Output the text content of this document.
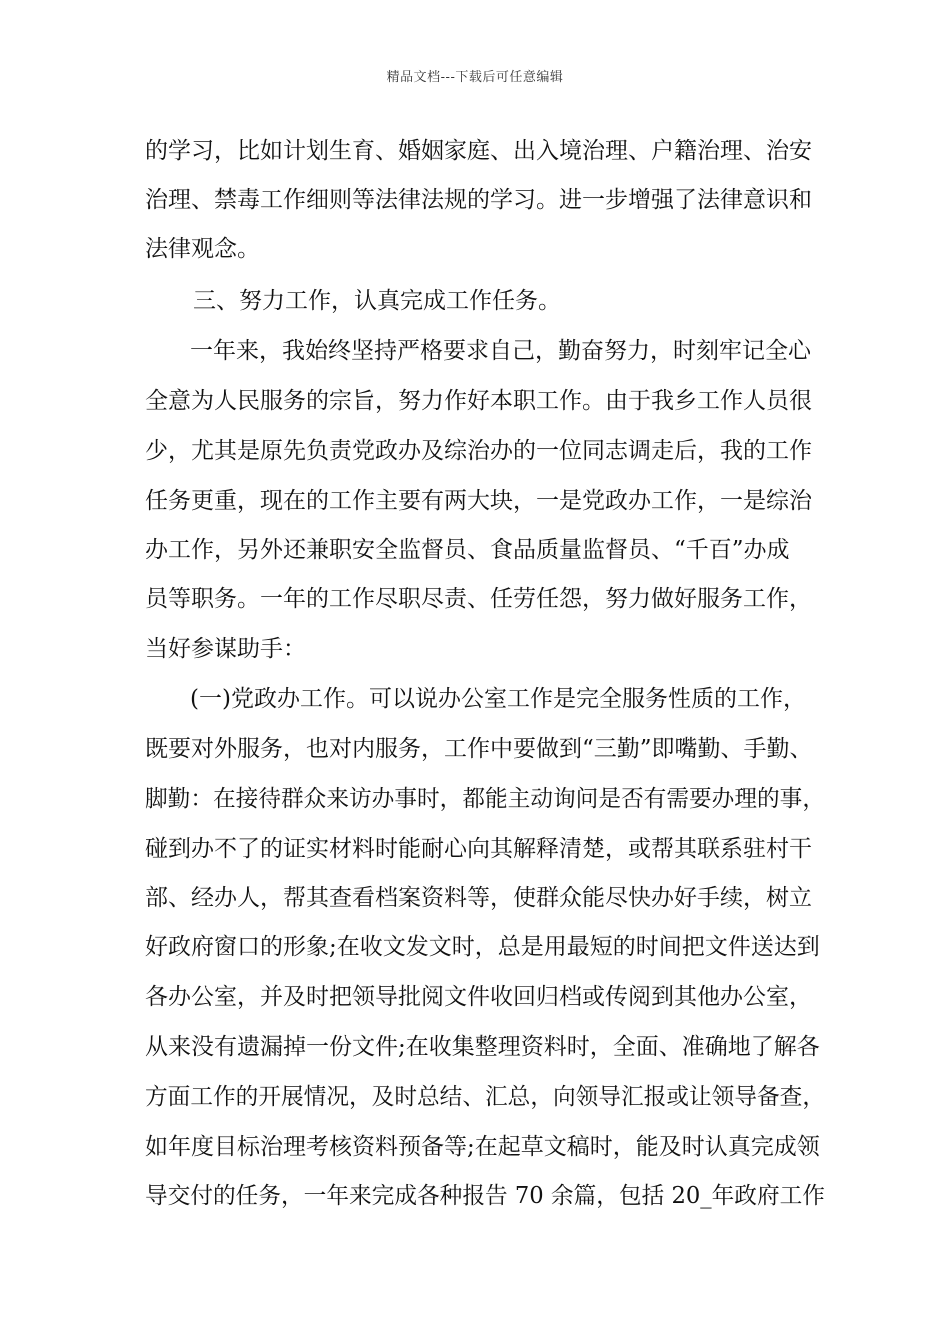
精品文档---下载后可任意编辑
的学习，比如计划生育、婚姻家庭、出入境治理、户籍治理、治安
治理、禁毒工作细则等法律法规的学习。进一步增强了法律意识和
法律观念。
三、努力工作，认真完成工作任务。
一年来，我始终坚持严格要求自己，勤奋努力，时刻牢记全心
全意为人民服务的宗旨，努力作好本职工作。由于我乡工作人员很
少，尤其是原先负责党政办及综治办的一位同志调走后，我的工作
任务更重，现在的工作主要有两大块，一是党政办工作，一是综治
办工作，另外还兼职安全监督员、食品质量监督员、“千百”办成
员等职务。一年的工作尽职尽责、任劳任怨，努力做好服务工作，
当好参谋助手：
(一)党政办工作。可以说办公室工作是完全服务性质的工作，
既要对外服务，也对内服务，工作中要做到“三勤”即嘴勤、手勤、
脚勤：在接待群众来访办事时，都能主动询问是否有需要办理的事，
碰到办不了的证实材料时能耐心向其解释清楚，或帮其联系驻村干
部、经办人，帮其查看档案资料等，使群众能尽快办好手续，树立
好政府窗口的形象;在收文发文时，总是用最短的时间把文件送达到
各办公室，并及时把领导批阅文件收回归档或传阅到其他办公室，
从来没有遗漏掉一份文件;在收集整理资料时，全面、准确地了解各
方面工作的开展情况，及时总结、汇总，向领导汇报或让领导备查，
如年度目标治理考核资料预备等;在起草文稿时，能及时认真完成领
导交付的任务，一年来完成各种报告 70 余篇，包括 20_年政府工作
